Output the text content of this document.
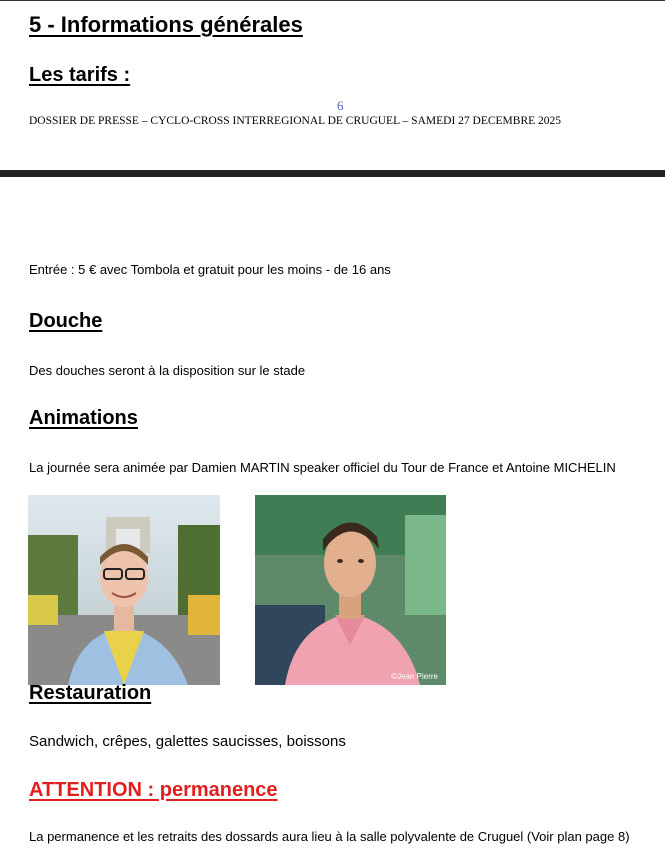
5 - Informations générales
Les tarifs :
6
DOSSIER DE PRESSE – CYCLO-CROSS INTERREGIONAL DE CRUGUEL – SAMEDI 27 DECEMBRE 2025
Entrée : 5 € avec Tombola et gratuit pour les moins - de 16 ans
Douche
Des douches seront à la disposition sur le stade
Animations
La journée sera animée par Damien MARTIN speaker officiel du Tour de France et Antoine MICHELIN
©Jean Pierre
Restauration
Sandwich, crêpes, galettes saucisses, boissons
ATTENTION : permanence
La permanence et les retraits des dossards aura lieu à la salle polyvalente de Cruguel (Voir plan page 8)
